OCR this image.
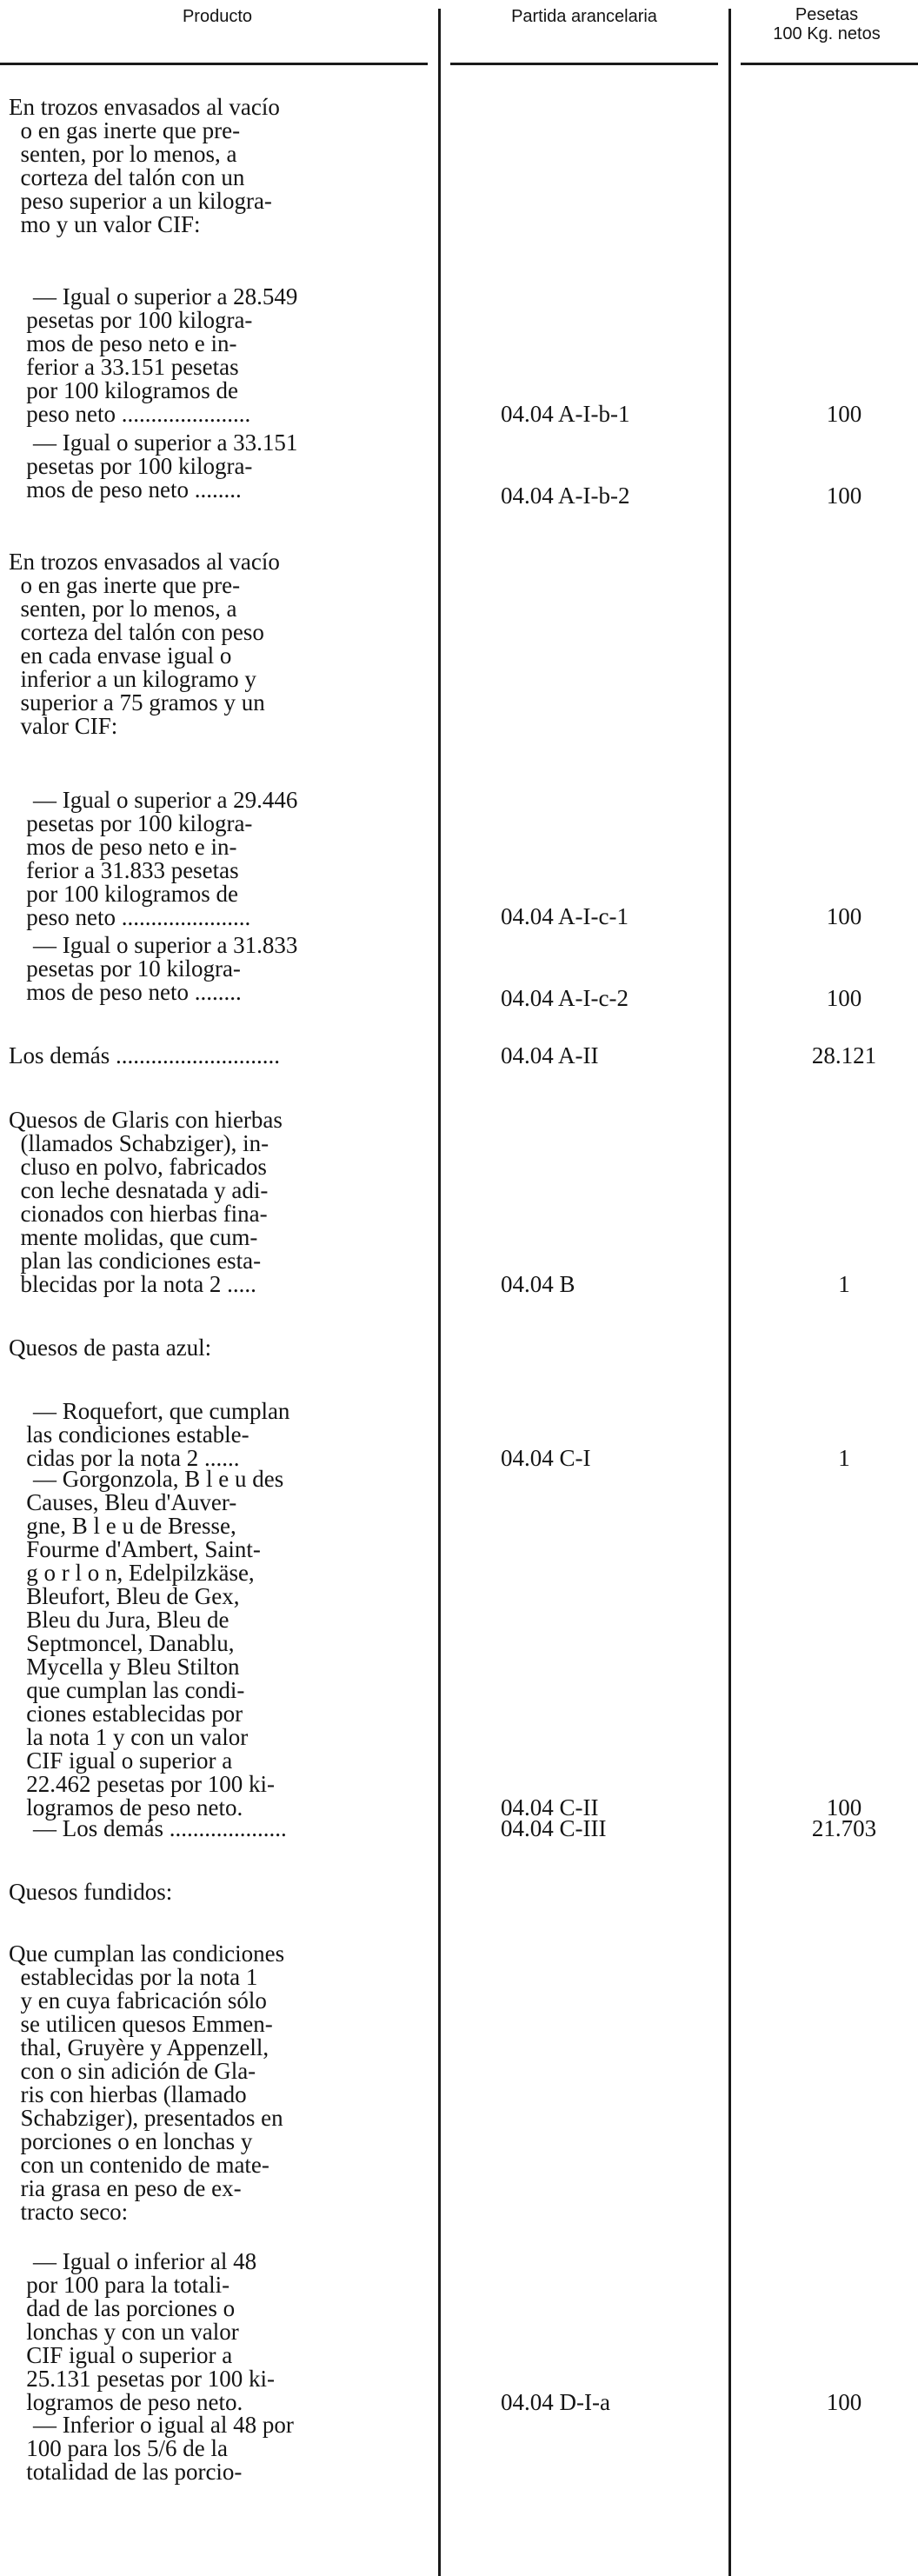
Producto	Partida arancelaria	Pesetas
100 Kg. netos
En trozos envasados al vacío
o en gas inerte que pre-
senten, por lo menos, a
corteza del talón con un
peso superior a un kilogra-
mo y un valor CIF:
— Igual o superior a 28.549
pesetas por 100 kilogra-
mos de peso neto e in-
ferior a 33.151 pesetas
por 100 kilogramos de
peso neto ......................	04.04 A-I-b-1	100
— Igual o superior a 33.151
pesetas por 100 kilogra-
mos de peso neto ........	04.04 A-I-b-2	100
En trozos envasados al vacío
o en gas inerte que pre-
senten, por lo menos, a
corteza del talón con peso
en cada envase igual o
inferior a un kilogramo y
superior a 75 gramos y un
valor CIF:
— Igual o superior a 29.446
pesetas por 100 kilogra-
mos de peso neto e in-
ferior a 31.833 pesetas
por 100 kilogramos de
peso neto ......................	04.04 A-I-c-1	100
— Igual o superior a 31.833
pesetas por 10 kilogra-
mos de peso neto ........	04.04 A-I-c-2	100
Los demás ............................	04.04 A-II	28.121
Quesos de Glaris con hierbas
(llamados Schabziger), in-
cluso en polvo, fabricados
con leche desnatada y adi-
cionados con hierbas fina-
mente molidas, que cum-
plan las condiciones esta-
blecidas por la nota 2 .....	04.04 B	1
Quesos de pasta azul:
— Roquefort, que cumplan
las condiciones estable-
cidas por la nota 2 ......	04.04 C-I	1
— Gorgonzola, B l e u des
Causes, Bleu d'Auver-
gne, B l e u de Bresse,
Fourme d'Ambert, Saint-
g o r l o n, Edelpilzkäse,
Bleufort, Bleu de Gex,
Bleu du Jura, Bleu de
Septmoncel, Danablu,
Mycella y Bleu Stilton
que cumplan las condi-
ciones establecidas por
la nota 1 y con un valor
CIF igual o superior a
22.462 pesetas por 100 ki-
logramos de peso neto.	04.04 C-II	100
— Los demás ....................	04.04 C-III	21.703
Quesos fundidos:
Que cumplan las condiciones
establecidas por la nota 1
y en cuya fabricación sólo
se utilicen quesos Emmen-
thal, Gruyère y Appenzell,
con o sin adición de Gla-
ris con hierbas (llamado
Schabziger), presentados en
porciones o en lonchas y
con un contenido de mate-
ria grasa en peso de ex-
tracto seco:
— Igual o inferior al 48
por 100 para la totali-
dad de las porciones o
lonchas y con un valor
CIF igual o superior a
25.131 pesetas por 100 ki-
logramos de peso neto.	04.04 D-I-a	100
— Inferior o igual al 48 por
100 para los 5/6 de la
totalidad de las porcio-
